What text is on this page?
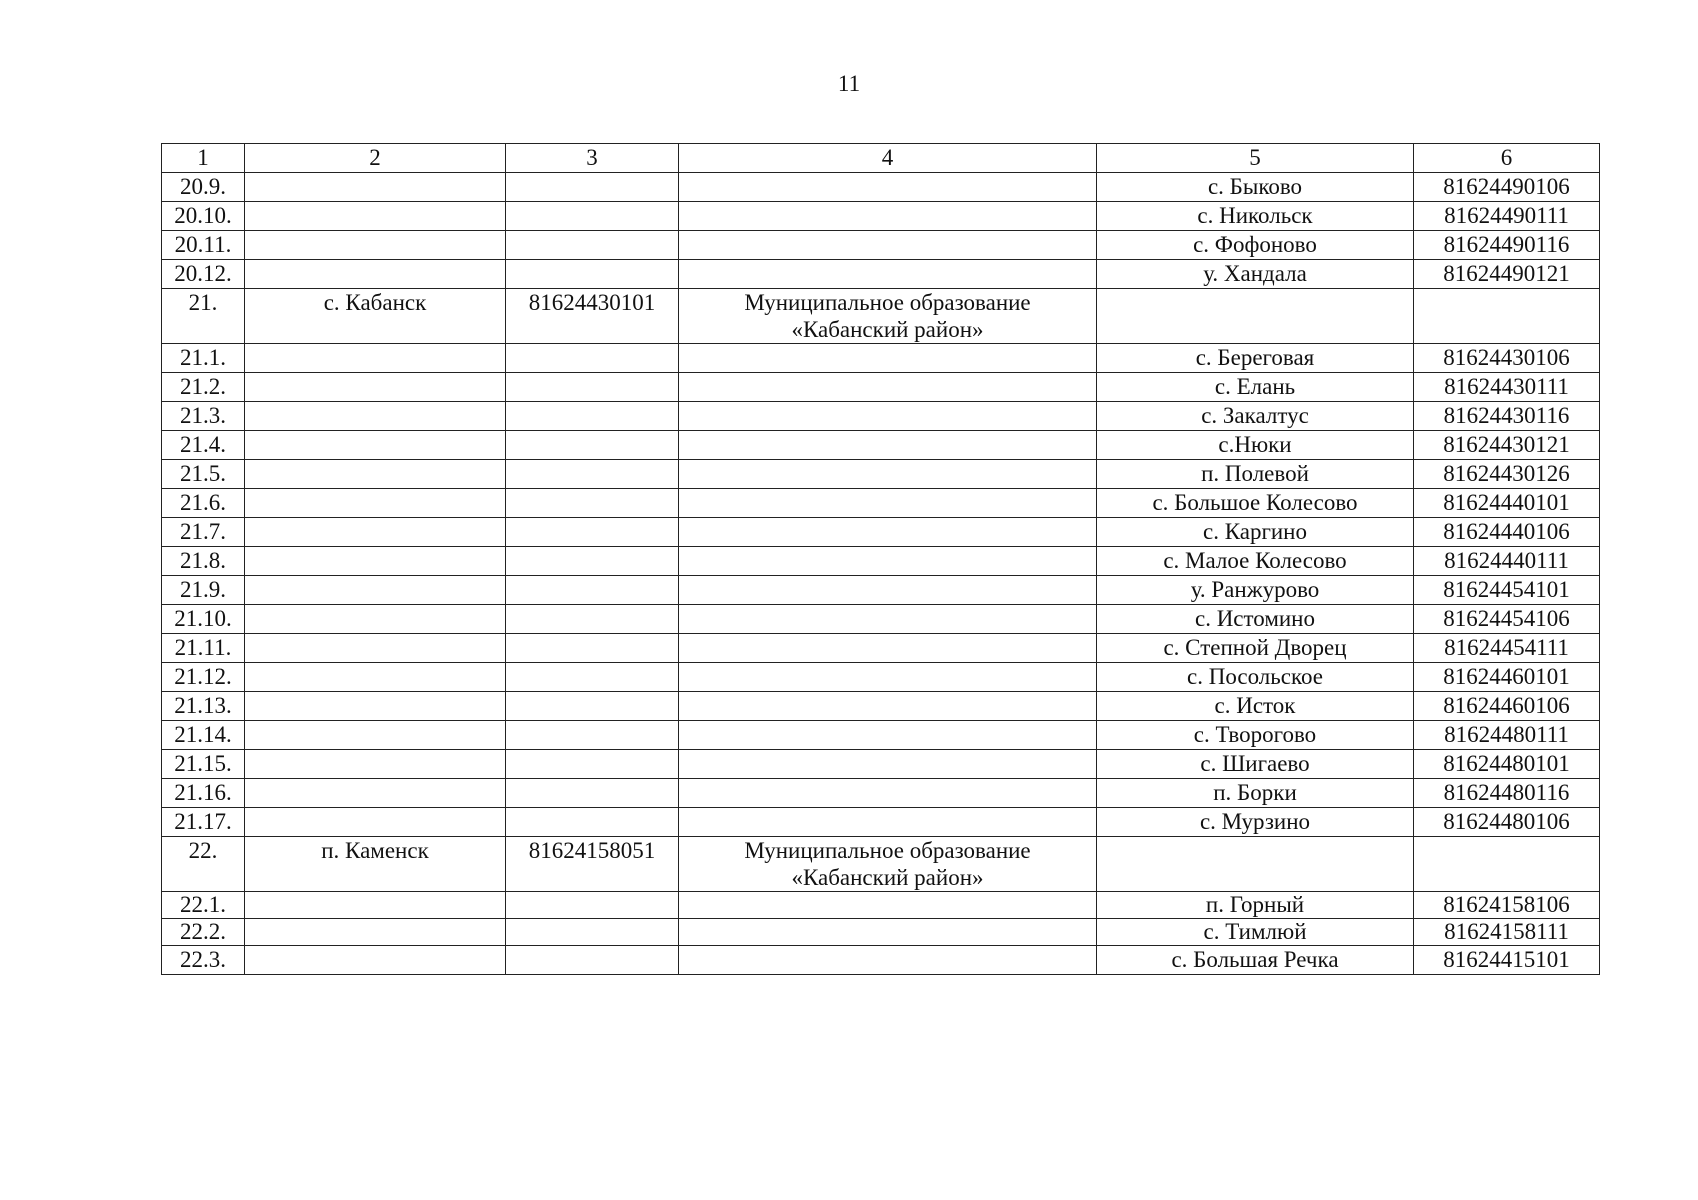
11
1	2	3	4	5	6
20.9.				с. Быково	81624490106
20.10.				с. Никольск	81624490111
20.11.				с. Фофоново	81624490116
20.12.				у. Хандала	81624490121
21.	с. Кабанск	81624430101	Муниципальное образование
«Кабанский район»		

21.1.				с. Береговая	81624430106
21.2.				с. Елань	81624430111
21.3.				с. Закалтус	81624430116
21.4.				с.Нюки	81624430121
21.5.				п. Полевой	81624430126
21.6.				с. Большое Колесово	81624440101
21.7.				с. Каргино	81624440106
21.8.				с. Малое Колесово	81624440111
21.9.				у. Ранжурово	81624454101
21.10.				с. Истомино	81624454106
21.11.				с. Степной Дворец	81624454111
21.12.				с. Посольское	81624460101
21.13.				с. Исток	81624460106
21.14.				с. Творогово	81624480111
21.15.				с. Шигаево	81624480101
21.16.				п. Борки	81624480116
21.17.				с. Мурзино	81624480106
22.	п. Каменск	81624158051	Муниципальное образование
«Кабанский район»		

22.1.				п. Горный	81624158106
22.2.				с. Тимлюй	81624158111
22.3.				с. Большая Речка	81624415101
